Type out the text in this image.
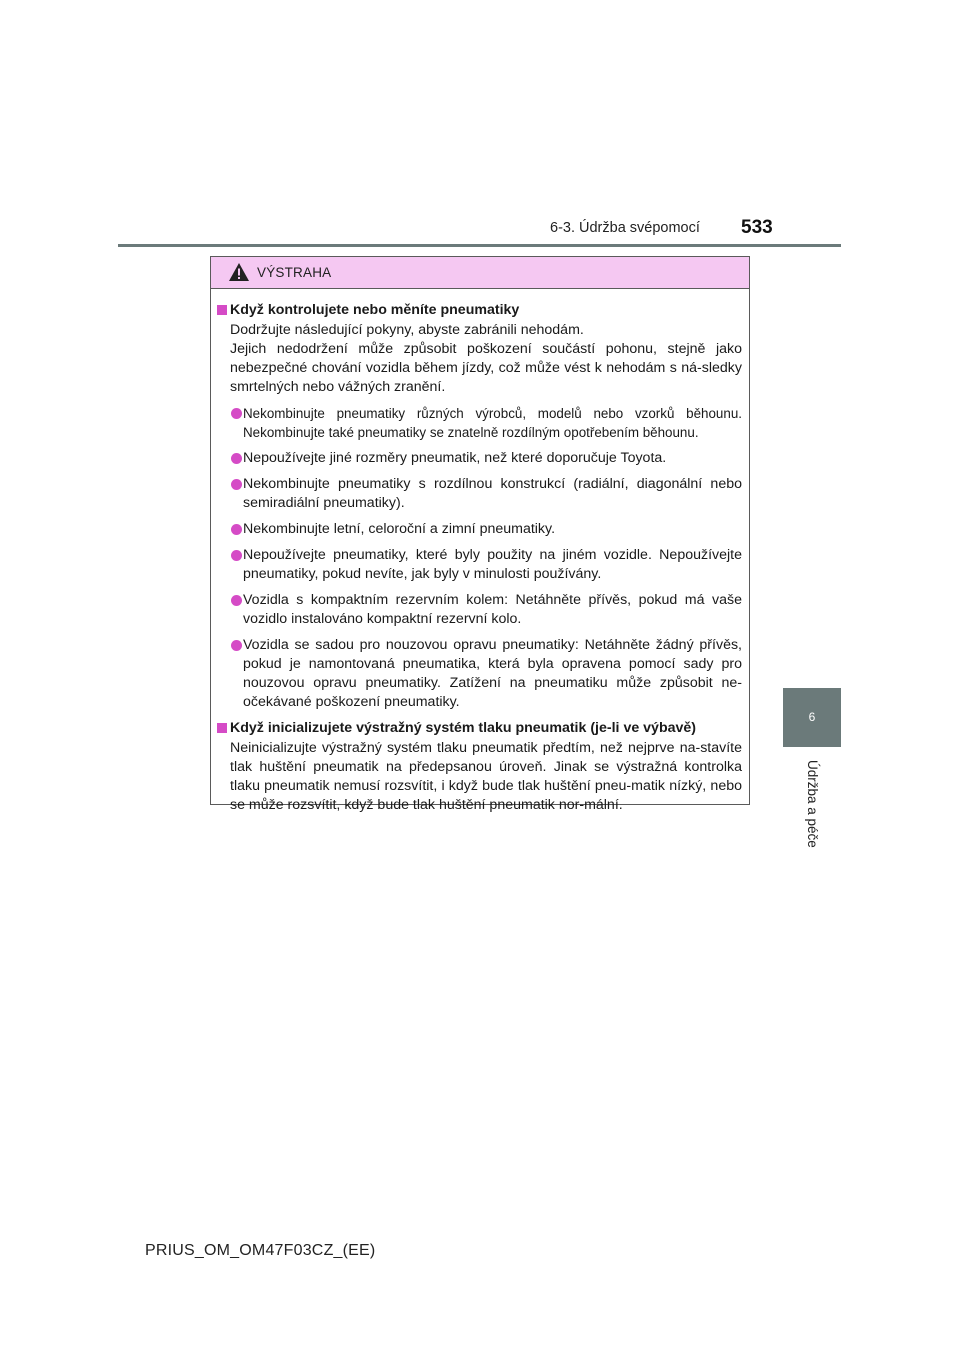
6-3. Údržba svépomocí 533
6
Údržba a péče
VÝSTRAHA
Když kontrolujete nebo měníte pneumatiky
Dodržujte následující pokyny, abyste zabránili nehodám.
Jejich nedodržení může způsobit poškození součástí pohonu, stejně jako nebezpečné chování vozidla během jízdy, což může vést k nehodám s ná-sledky smrtelných nebo vážných zranění.
Nekombinujte pneumatiky různých výrobců, modelů nebo vzorků běhounu. Nekombinujte také pneumatiky se znatelně rozdílným opotřebením běhounu.
Nepoužívejte jiné rozměry pneumatik, než které doporučuje Toyota.
Nekombinujte pneumatiky s rozdílnou konstrukcí (radiální, diagonální nebo semiradiální pneumatiky).
Nekombinujte letní, celoroční a zimní pneumatiky.
Nepoužívejte pneumatiky, které byly použity na jiném vozidle. Nepoužívejte pneumatiky, pokud nevíte, jak byly v minulosti používány.
Vozidla s kompaktním rezervním kolem: Netáhněte přívěs, pokud má vaše vozidlo instalováno kompaktní rezervní kolo.
Vozidla se sadou pro nouzovou opravu pneumatiky: Netáhněte žádný přívěs, pokud je namontovaná pneumatika, která byla opravena pomocí sady pro nouzovou opravu pneumatiky. Zatížení na pneumatiku může způsobit ne-očekávané poškození pneumatiky.
Když inicializujete výstražný systém tlaku pneumatik (je-li ve výbavě)
Neinicializujte výstražný systém tlaku pneumatik předtím, než nejprve na-stavíte tlak huštění pneumatik na předepsanou úroveň. Jinak se výstražná kontrolka tlaku pneumatik nemusí rozsvítit, i když bude tlak huštění pneu-matik nízký, nebo se může rozsvítit, když bude tlak huštění pneumatik nor-mální.
PRIUS_OM_OM47F03CZ_(EE)
